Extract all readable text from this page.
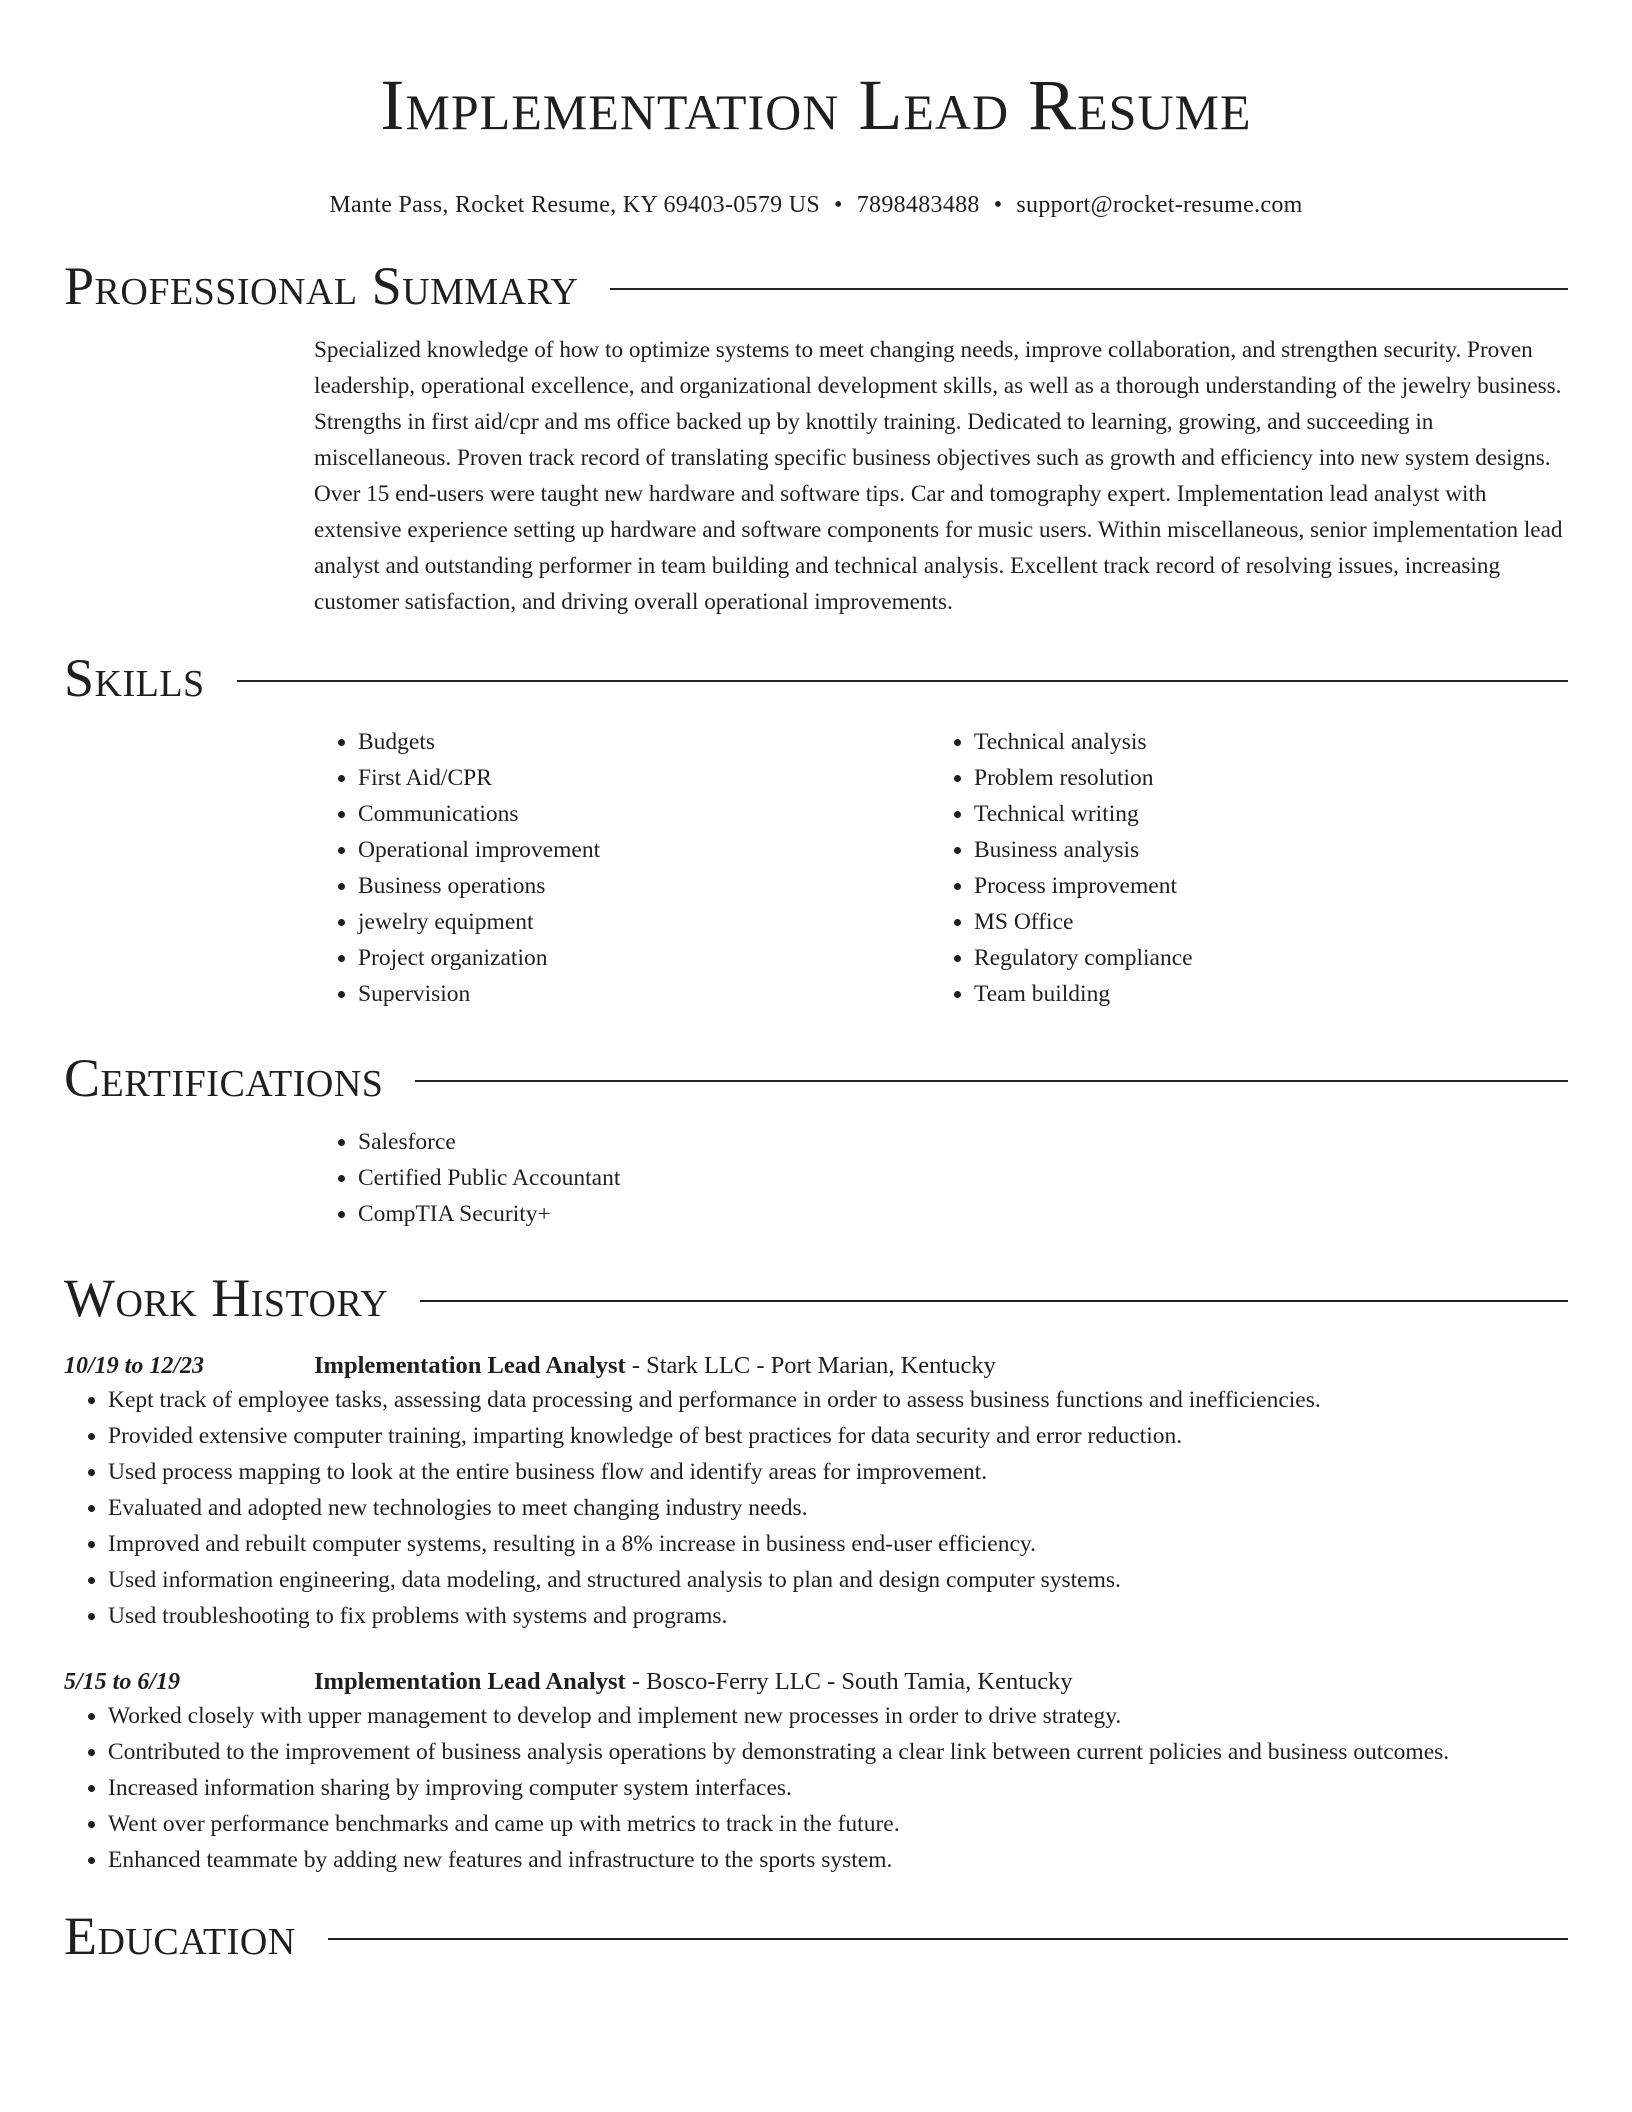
Implementation Lead Resume
Mante Pass, Rocket Resume, KY 69403-0579 US • 7898483488 • support@rocket-resume.com
Professional Summary

Specialized knowledge of how to optimize systems to meet changing needs, improve collaboration, and strengthen security. Proven leadership, operational excellence, and organizational development skills, as well as a thorough understanding of the jewelry business. Strengths in first aid/cpr and ms office backed up by knottily training. Dedicated to learning, growing, and succeeding in miscellaneous. Proven track record of translating specific business objectives such as growth and efficiency into new system designs. Over 15 end-users were taught new hardware and software tips. Car and tomography expert. Implementation lead analyst with extensive experience setting up hardware and software components for music users. Within miscellaneous, senior implementation lead analyst and outstanding performer in team building and technical analysis. Excellent track record of resolving issues, increasing customer satisfaction, and driving overall operational improvements.

Skills
• Budgets
• First Aid/CPR
• Communications
• Operational improvement
• Business operations
• jewelry equipment
• Project organization
• Supervision
• Technical analysis
• Problem resolution
• Technical writing
• Business analysis
• Process improvement
• MS Office
• Regulatory compliance
• Team building
Certifications
• Salesforce
• Certified Public Accountant
• CompTIA Security+
Work History
10/19 to 12/23	Implementation Lead Analyst - Stark LLC - Port Marian, Kentucky
• Kept track of employee tasks, assessing data processing and performance in order to assess business functions and inefficiencies.
• Provided extensive computer training, imparting knowledge of best practices for data security and error reduction.
• Used process mapping to look at the entire business flow and identify areas for improvement.
• Evaluated and adopted new technologies to meet changing industry needs.
• Improved and rebuilt computer systems, resulting in a 8% increase in business end-user efficiency.
• Used information engineering, data modeling, and structured analysis to plan and design computer systems.
• Used troubleshooting to fix problems with systems and programs.
5/15 to 6/19	Implementation Lead Analyst - Bosco-Ferry LLC - South Tamia, Kentucky
• Worked closely with upper management to develop and implement new processes in order to drive strategy.
• Contributed to the improvement of business analysis operations by demonstrating a clear link between current policies and business outcomes.
• Increased information sharing by improving computer system interfaces.
• Went over performance benchmarks and came up with metrics to track in the future.
• Enhanced teammate by adding new features and infrastructure to the sports system.
Education
